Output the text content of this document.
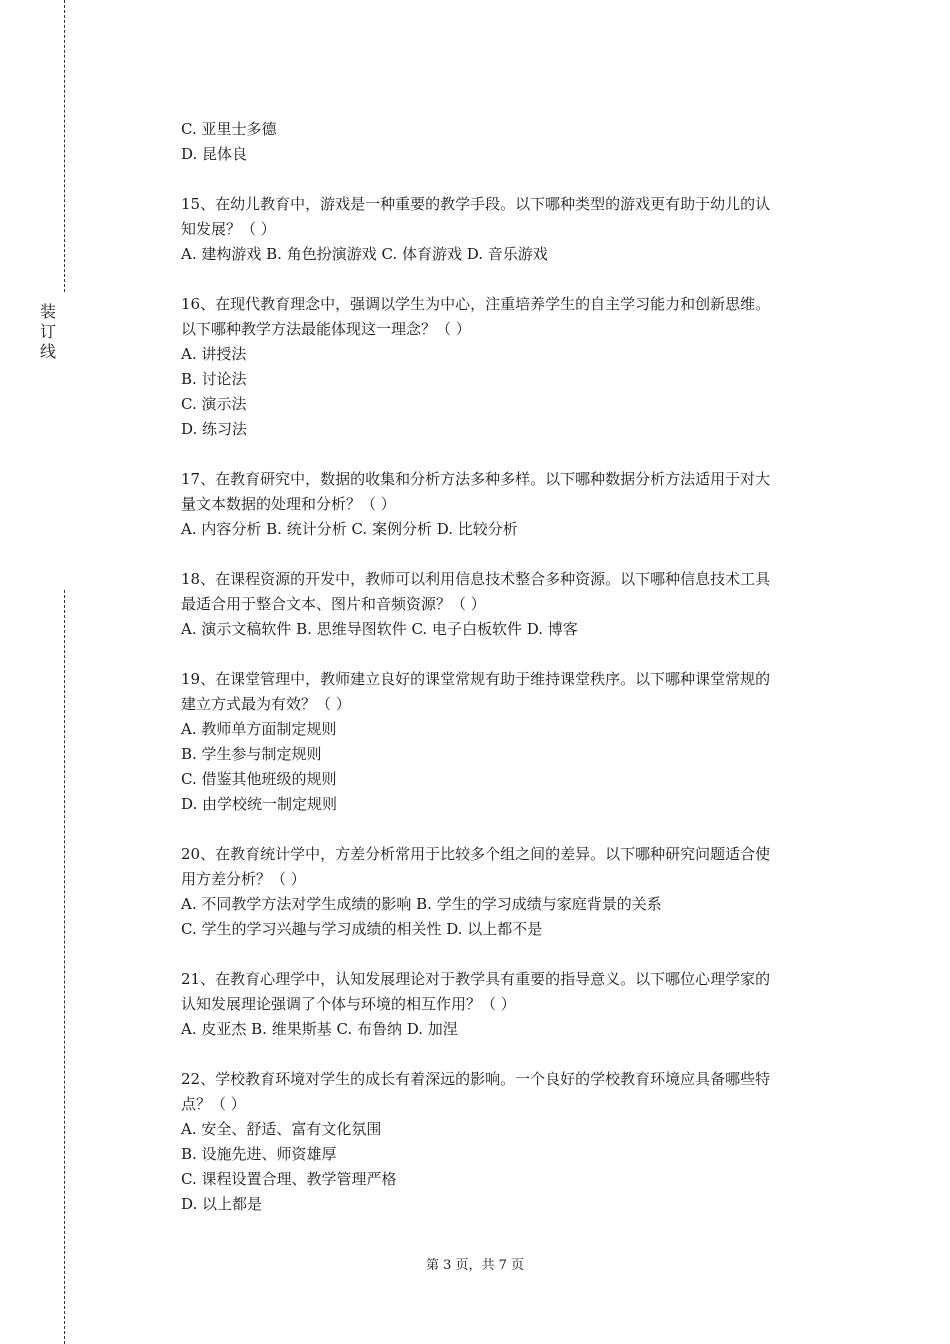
装
订
线
C. 亚里士多德
D. 昆体良
15、在幼儿教育中，游戏是一种重要的教学手段。以下哪种类型的游戏更有助于幼儿的认
知发展？（ ）
A. 建构游戏 B. 角色扮演游戏 C. 体育游戏 D. 音乐游戏
16、在现代教育理念中，强调以学生为中心，注重培养学生的自主学习能力和创新思维。
以下哪种教学方法最能体现这一理念？（ ）
A. 讲授法
B. 讨论法
C. 演示法
D. 练习法
17、在教育研究中，数据的收集和分析方法多种多样。以下哪种数据分析方法适用于对大
量文本数据的处理和分析？（ ）
A. 内容分析 B. 统计分析 C. 案例分析 D. 比较分析
18、在课程资源的开发中，教师可以利用信息技术整合多种资源。以下哪种信息技术工具
最适合用于整合文本、图片和音频资源？（ ）
A. 演示文稿软件 B. 思维导图软件 C. 电子白板软件 D. 博客
19、在课堂管理中，教师建立良好的课堂常规有助于维持课堂秩序。以下哪种课堂常规的
建立方式最为有效？（ ）
A. 教师单方面制定规则
B. 学生参与制定规则
C. 借鉴其他班级的规则
D. 由学校统一制定规则
20、在教育统计学中，方差分析常用于比较多个组之间的差异。以下哪种研究问题适合使
用方差分析？（ ）
A. 不同教学方法对学生成绩的影响 B. 学生的学习成绩与家庭背景的关系
C. 学生的学习兴趣与学习成绩的相关性 D. 以上都不是
21、在教育心理学中，认知发展理论对于教学具有重要的指导意义。以下哪位心理学家的
认知发展理论强调了个体与环境的相互作用？（ ）
A. 皮亚杰 B. 维果斯基 C. 布鲁纳 D. 加涅
22、学校教育环境对学生的成长有着深远的影响。一个良好的学校教育环境应具备哪些特
点？（ ）
A. 安全、舒适、富有文化氛围
B. 设施先进、师资雄厚
C. 课程设置合理、教学管理严格
D. 以上都是
第 3 页，共 7 页
